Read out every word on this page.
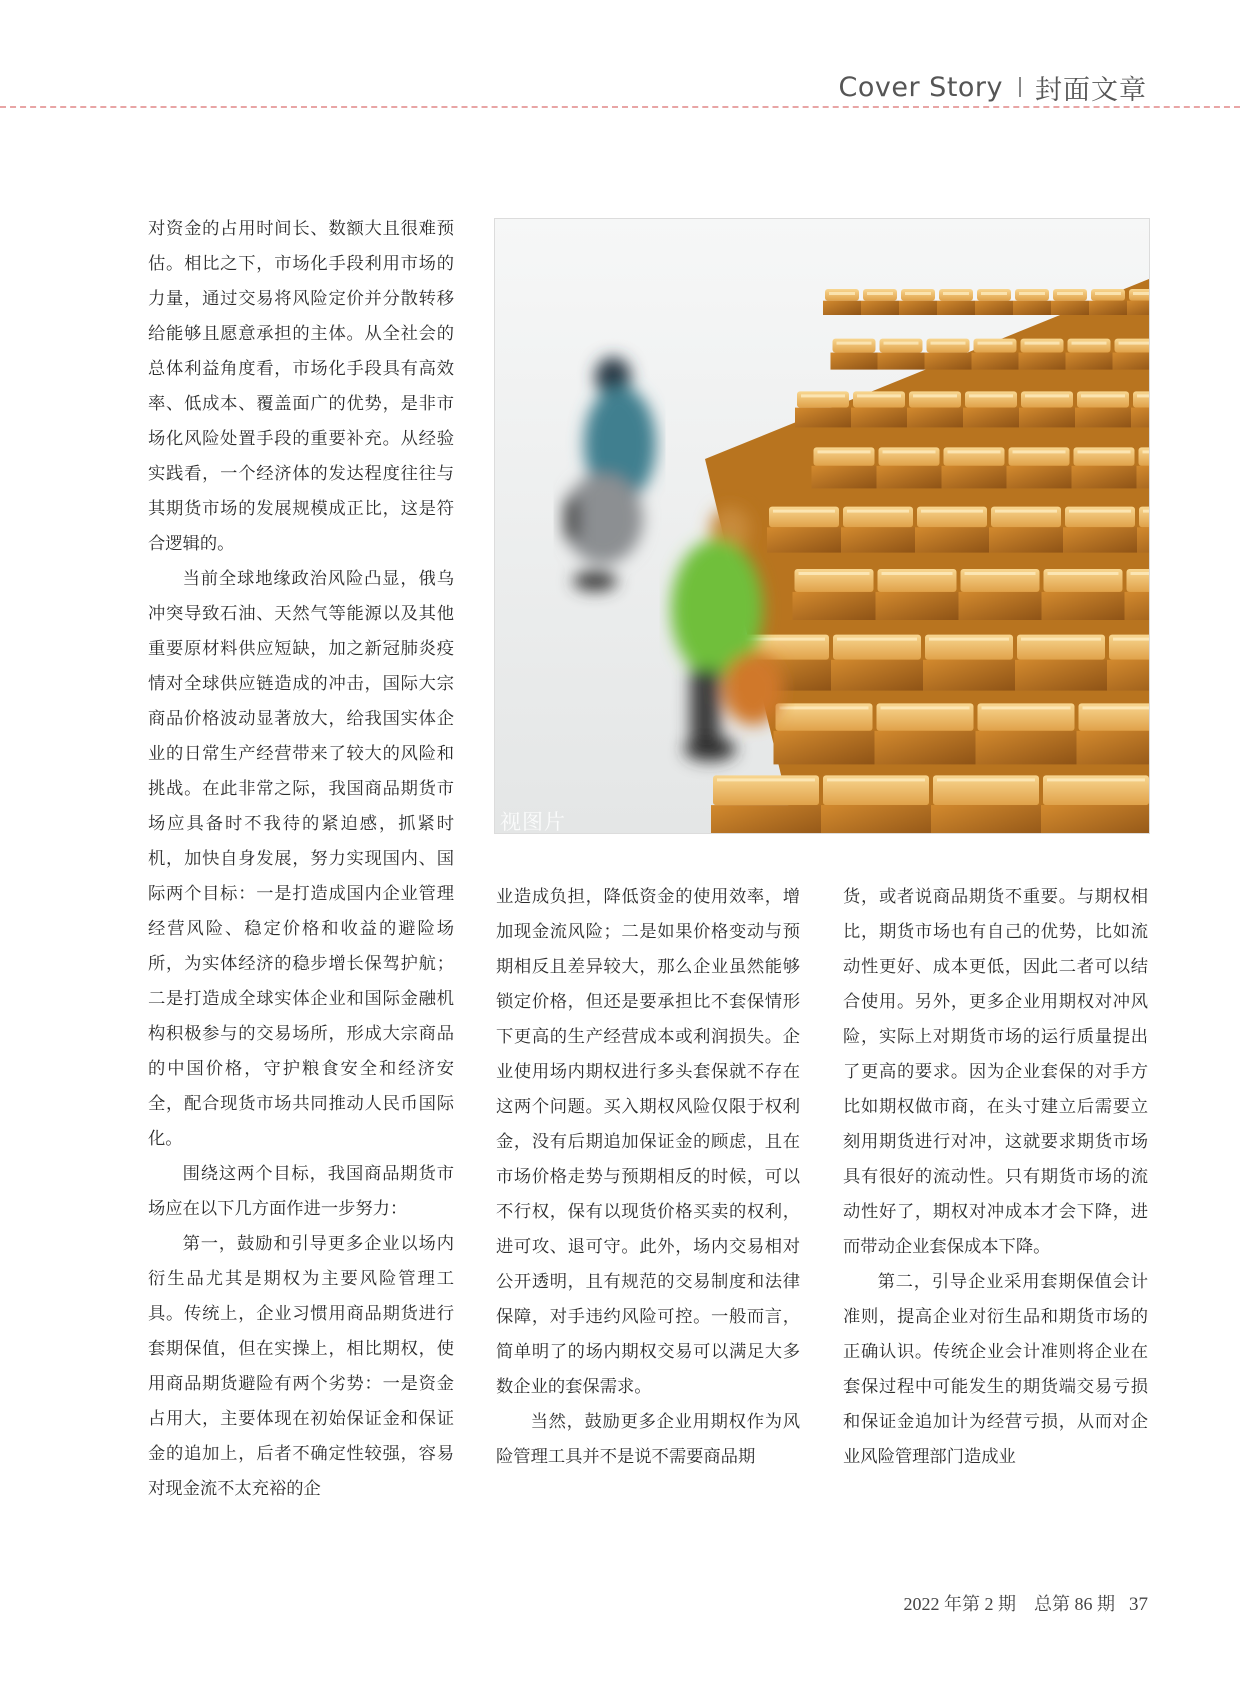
Cover Story 封面文章

对资金的占用时间长、数额大且很难预估。相比之下，市场化手段利用市场的力量，通过交易将风险定价并分散转移给能够且愿意承担的主体。从全社会的总体利益角度看，市场化手段具有高效率、低成本、覆盖面广的优势，是非市场化风险处置手段的重要补充。从经验实践看，一个经济体的发达程度往往与其期货市场的发展规模成正比，这是符合逻辑的。

当前全球地缘政治风险凸显，俄乌冲突导致石油、天然气等能源以及其他重要原材料供应短缺，加之新冠肺炎疫情对全球供应链造成的冲击，国际大宗商品价格波动显著放大，给我国实体企业的日常生产经营带来了较大的风险和挑战。在此非常之际，我国商品期货市场应具备时不我待的紧迫感，抓紧时机，加快自身发展，努力实现国内、国际两个目标：一是打造成国内企业管理经营风险、稳定价格和收益的避险场所，为实体经济的稳步增长保驾护航；二是打造成全球实体企业和国际金融机构积极参与的交易场所，形成大宗商品的中国价格，守护粮食安全和经济安全，配合现货市场共同推动人民币国际化。

围绕这两个目标，我国商品期货市场应在以下几方面作进一步努力：

第一，鼓励和引导更多企业以场内衍生品尤其是期权为主要风险管理工具。传统上，企业习惯用商品期货进行套期保值，但在实操上，相比期权，使用商品期货避险有两个劣势：一是资金占用大，主要体现在初始保证金和保证金的追加上，后者不确定性较强，容易对现金流不太充裕的企

视图片

业造成负担，降低资金的使用效率，增加现金流风险；二是如果价格变动与预期相反且差异较大，那么企业虽然能够锁定价格，但还是要承担比不套保情形下更高的生产经营成本或利润损失。企业使用场内期权进行多头套保就不存在这两个问题。买入期权风险仅限于权利金，没有后期追加保证金的顾虑，且在市场价格走势与预期相反的时候，可以不行权，保有以现货价格买卖的权利，进可攻、退可守。此外，场内交易相对公开透明，且有规范的交易制度和法律保障，对手违约风险可控。一般而言，简单明了的场内期权交易可以满足大多数企业的套保需求。

当然，鼓励更多企业用期权作为风险管理工具并不是说不需要商品期

货，或者说商品期货不重要。与期权相比，期货市场也有自己的优势，比如流动性更好、成本更低，因此二者可以结合使用。另外，更多企业用期权对冲风险，实际上对期货市场的运行质量提出了更高的要求。因为企业套保的对手方比如期权做市商，在头寸建立后需要立刻用期货进行对冲，这就要求期货市场具有很好的流动性。只有期货市场的流动性好了，期权对冲成本才会下降，进而带动企业套保成本下降。

第二，引导企业采用套期保值会计准则，提高企业对衍生品和期货市场的正确认识。传统企业会计准则将企业在套保过程中可能发生的期货端交易亏损和保证金追加计为经营亏损，从而对企业风险管理部门造成业

2022 年第 2 期　总第 86 期 37
